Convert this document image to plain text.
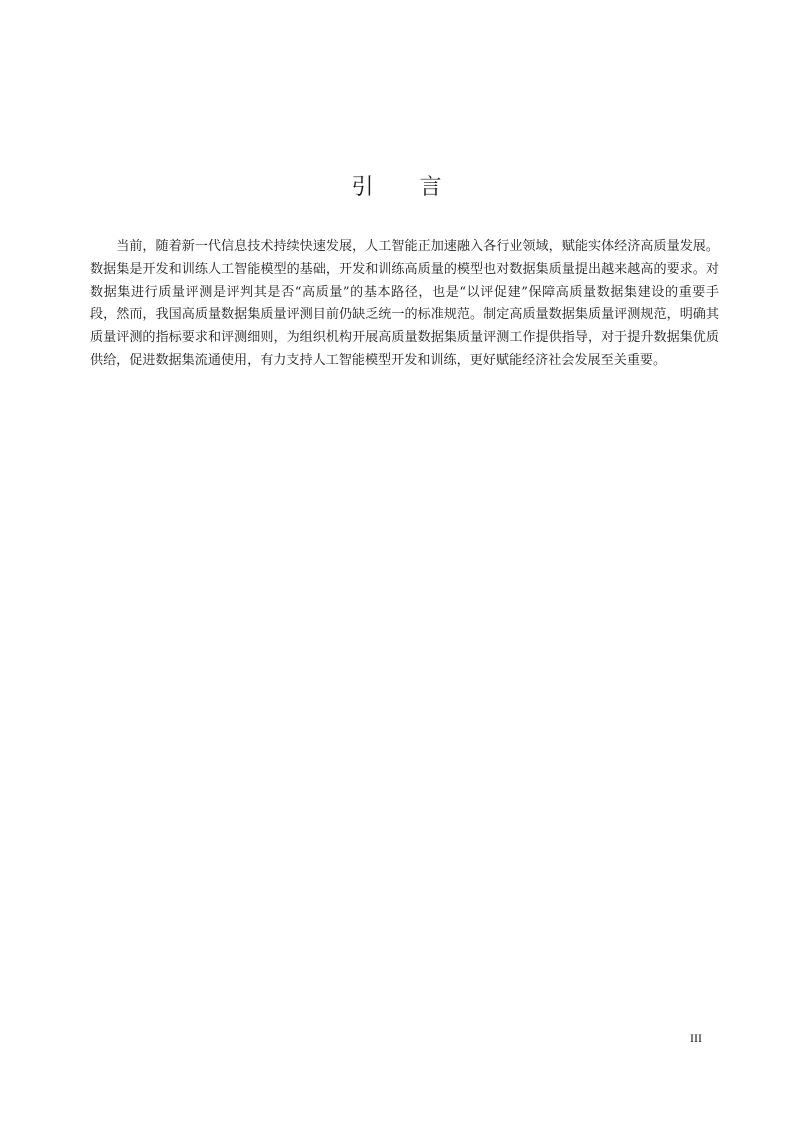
引 言

当前，随着新一代信息技术持续快速发展，人工智能正加速融入各行业领域，赋能实体经济高质量发展。数据集是开发和训练人工智能模型的基础，开发和训练高质量的模型也对数据集质量提出越来越高的要求。对数据集进行质量评测是评判其是否“高质量”的基本路径，也是“以评促建”保障高质量数据集建设的重要手段，然而，我国高质量数据集质量评测目前仍缺乏统一的标准规范。制定高质量数据集质量评测规范，明确其质量评测的指标要求和评测细则，为组织机构开展高质量数据集质量评测工作提供指导，对于提升数据集优质供给，促进数据集流通使用，有力支持人工智能模型开发和训练，更好赋能经济社会发展至关重要。

III
